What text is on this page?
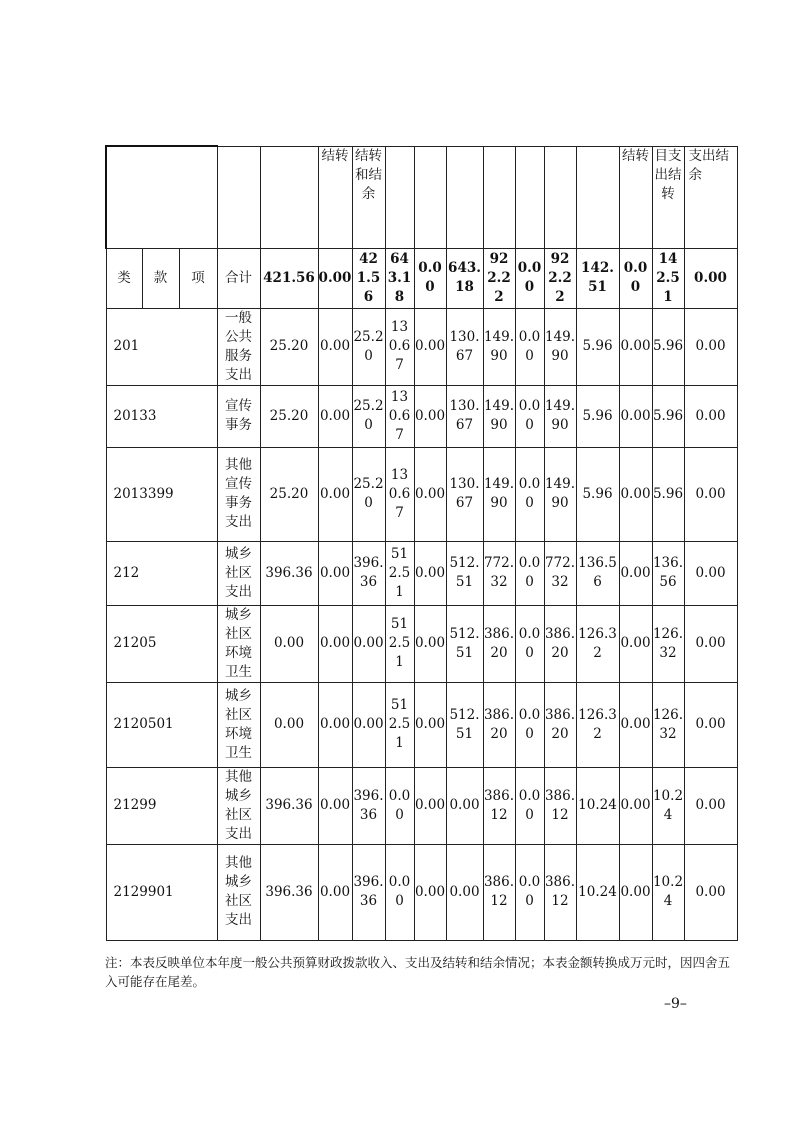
					结转	结转和结余								结转	目支出结转	支出结余

类	款	项	合计	421.56	0.00	421.56	643.18	0.00	643.18	922.22	0.00	922.22	142.51	0.00	142.51	0.00

201			一般公共服务支出	25.20	0.00	25.20	130.67	0.00	130.67	149.90	0.00	149.90	5.96	0.00	5.96	0.00

20133			宣传事务	25.20	0.00	25.20	130.67	0.00	130.67	149.90	0.00	149.90	5.96	0.00	5.96	0.00

2013399			其他宣传事务支出	25.20	0.00	25.20	130.67	0.00	130.67	149.90	0.00	149.90	5.96	0.00	5.96	0.00

212			城乡社区支出	396.36	0.00	396.36	512.51	0.00	512.51	772.32	0.00	772.32	136.56	0.00	136.56	0.00

21205			城乡社区环境卫生	0.00	0.00	0.00	512.51	0.00	512.51	386.20	0.00	386.20	126.32	0.00	126.32	0.00

2120501			城乡社区环境卫生	0.00	0.00	0.00	512.51	0.00	512.51	386.20	0.00	386.20	126.32	0.00	126.32	0.00

21299			其他城乡社区支出	396.36	0.00	396.36	0.00	0.00	0.00	386.12	0.00	386.12	10.24	0.00	10.24	0.00

2129901			其他城乡社区支出	396.36	0.00	396.36	0.00	0.00	0.00	386.12	0.00	386.12	10.24	0.00	10.24	0.00
注：本表反映单位本年度一般公共预算财政拨款收入、支出及结转和结余情况；本表金额转换成万元时，因四舍五入可能存在尾差。
–9–
